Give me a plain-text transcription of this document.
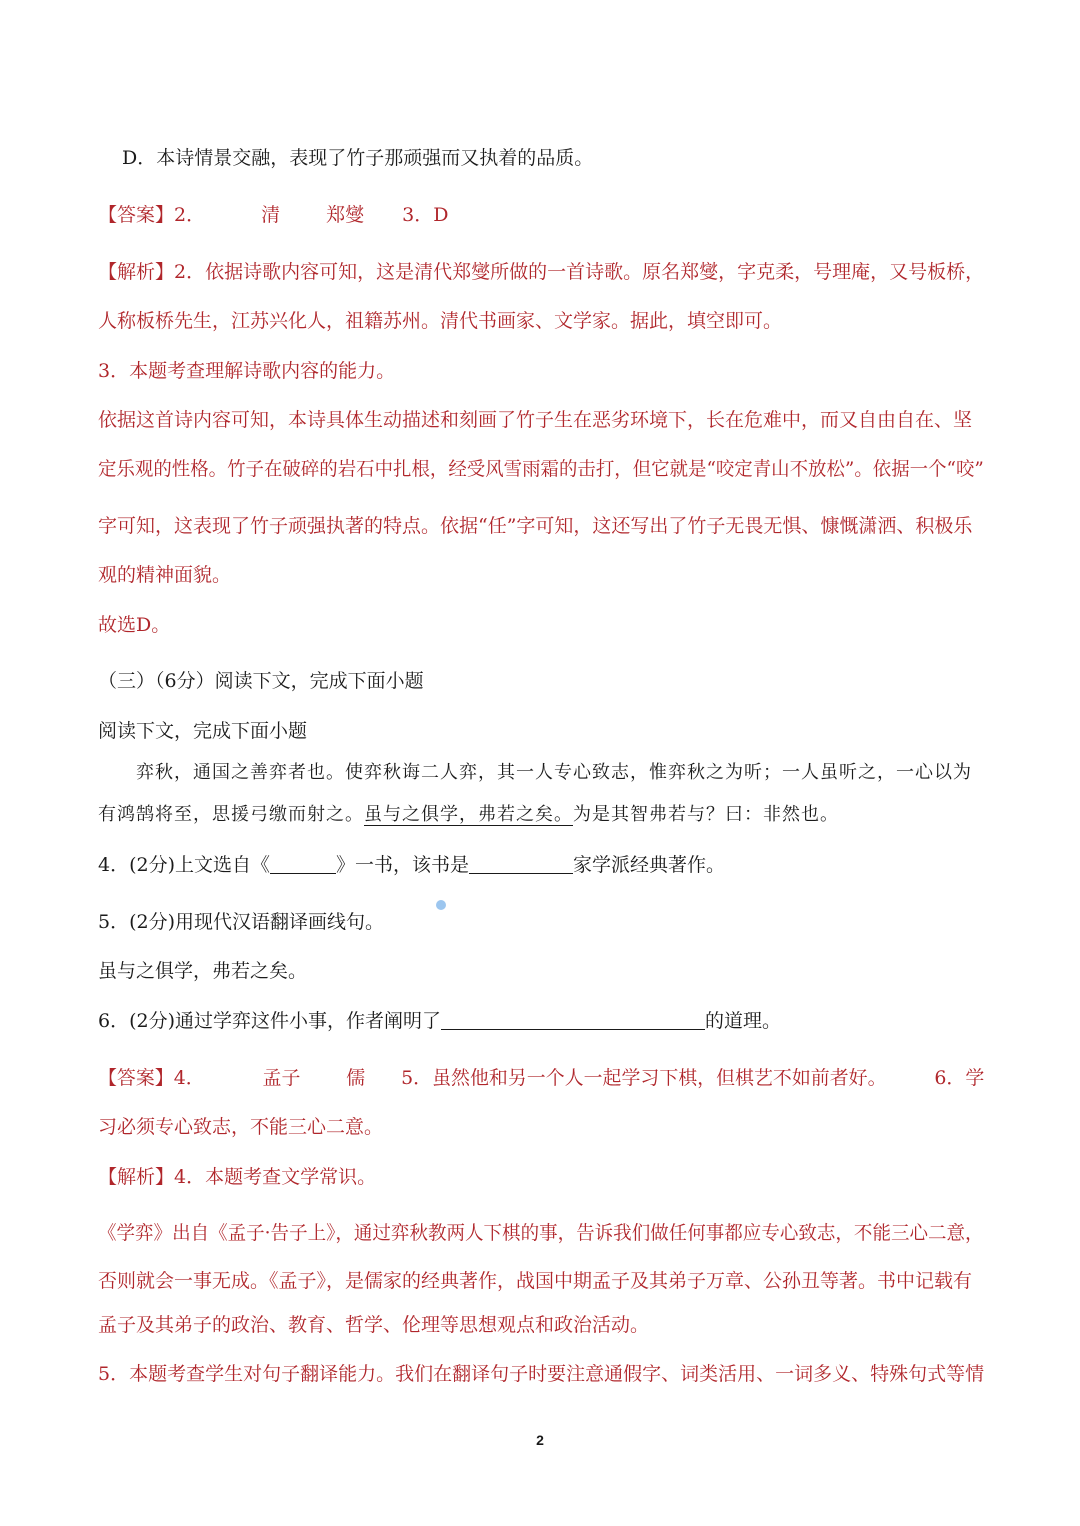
D．本诗情景交融，表现了竹子那顽强而又执着的品质。
【答案】2．	清 郑燮 3．D
【解析】2．依据诗歌内容可知，这是清代郑燮所做的一首诗歌。原名郑燮，字克柔，号理庵，又号板桥，
人称板桥先生，江苏兴化人，祖籍苏州。清代书画家、文学家。据此，填空即可。
3．本题考查理解诗歌内容的能力。
依据这首诗内容可知，本诗具体生动描述和刻画了竹子生在恶劣环境下，长在危难中，而又自由自在、坚
定乐观的性格。竹子在破碎的岩石中扎根，经受风雪雨霜的击打，但它就是“咬定青山不放松”。依据一个“咬”
字可知，这表现了竹子顽强执著的特点。依据“任”字可知，这还写出了竹子无畏无惧、慷慨潇洒、积极乐
观的精神面貌。
故选D。
（三）（6分）阅读下文，完成下面小题
阅读下文，完成下面小题
弈秋，通国之善弈者也。使弈秋诲二人弈，其一人专心致志，惟弈秋之为听；一人虽听之，一心以为
有鸿鹄将至，思援弓缴而射之。虽与之俱学，弗若之矣。为是其智弗若与？曰：非然也。
4．(2分)上文选自《	》一书，该书是	家学派经典著作。
5．(2分)用现代汉语翻译画线句。
虽与之俱学，弗若之矣。
6．(2分)通过学弈这件小事，作者阐明了	的道理。
【答案】4．	孟子 儒 5．虽然他和另一个人一起学习下棋，但棋艺不如前者好。	6．学
习必须专心致志，不能三心二意。
【解析】4．本题考查文学常识。
《学弈》出自《孟子·告子上》，通过弈秋教两人下棋的事，告诉我们做任何事都应专心致志，不能三心二意，
否则就会一事无成。《孟子》，是儒家的经典著作，战国中期孟子及其弟子万章、公孙丑等著。书中记载有
孟子及其弟子的政治、教育、哲学、伦理等思想观点和政治活动。
5．本题考查学生对句子翻译能力。我们在翻译句子时要注意通假字、词类活用、一词多义、特殊句式等情
2
